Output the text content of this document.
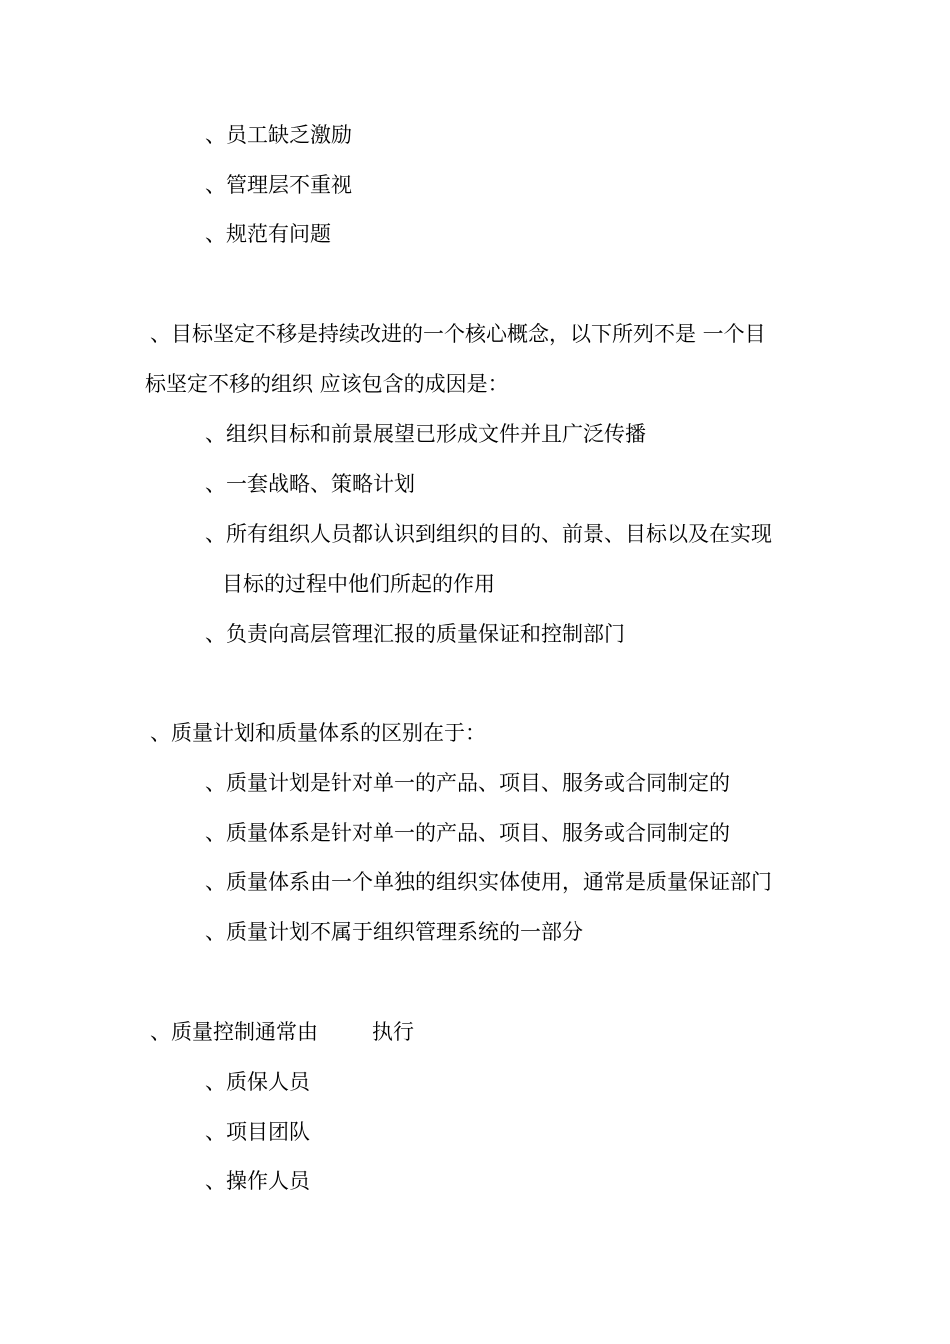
、员工缺乏激励
、管理层不重视
、规范有问题
、目标坚定不移是持续改进的一个核心概念，以下所列不是 一个目
标坚定不移的组织 应该包含的成因是：
、组织目标和前景展望已形成文件并且广泛传播
、一套战略、策略计划
、所有组织人员都认识到组织的目的、前景、目标以及在实现
目标的过程中他们所起的作用
、负责向高层管理汇报的质量保证和控制部门
、质量计划和质量体系的区别在于：
、质量计划是针对单一的产品、项目、服务或合同制定的
、质量体系是针对单一的产品、项目、服务或合同制定的
、质量体系由一个单独的组织实体使用，通常是质量保证部门
、质量计划不属于组织管理系统的一部分
、质量控制通常由	执行
、质保人员
、项目团队
、操作人员
